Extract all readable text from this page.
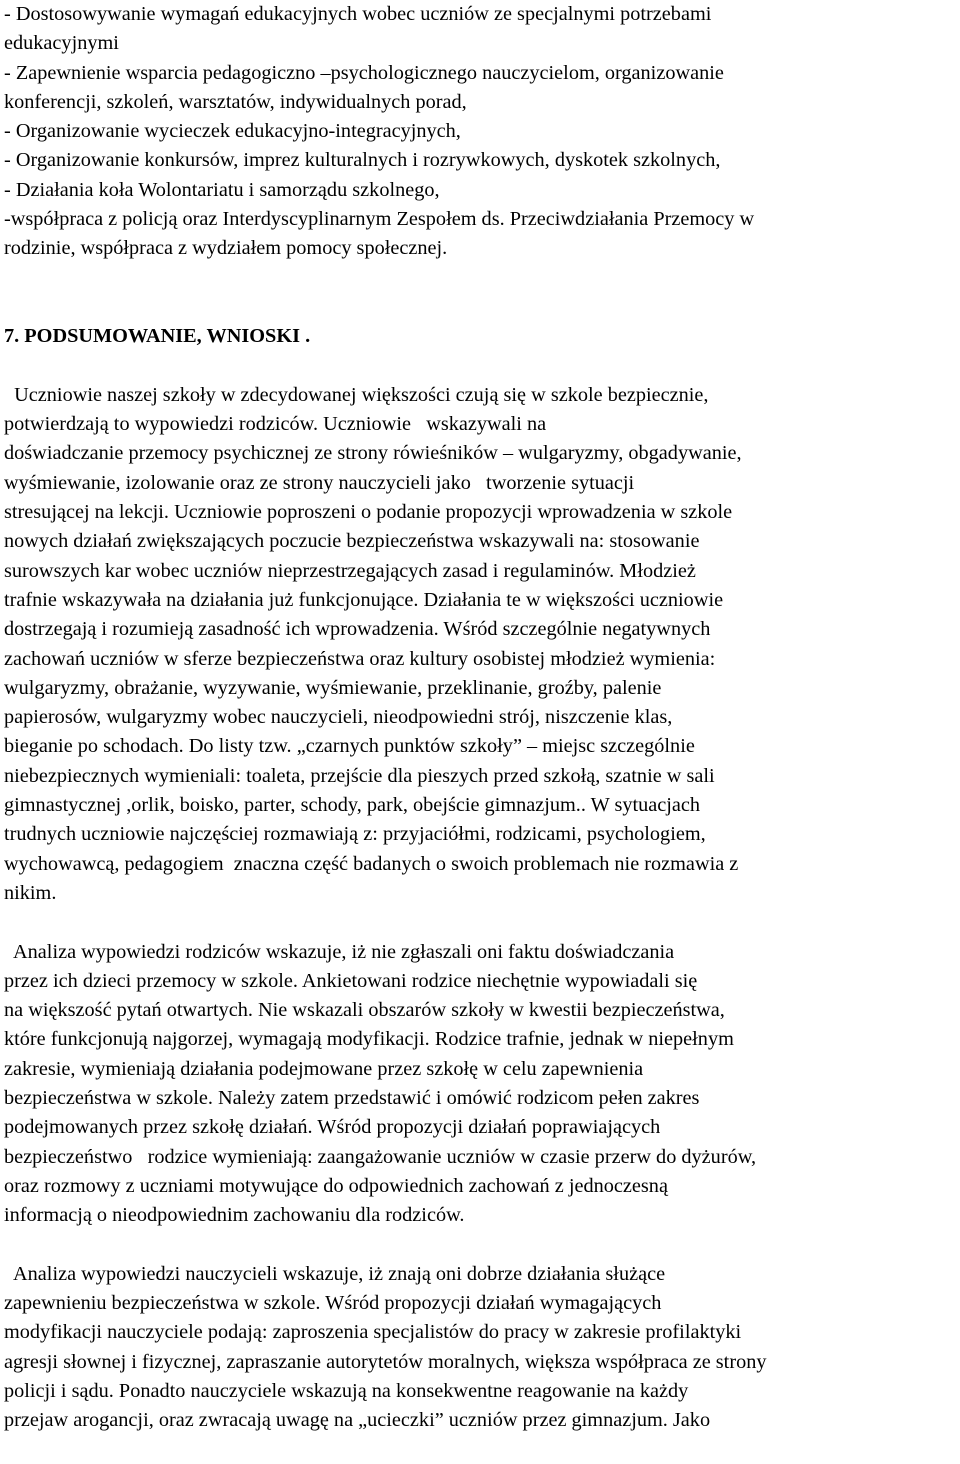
- Dostosowywanie wymagań edukacyjnych wobec uczniów ze specjalnymi potrzebami
edukacyjnymi
- Zapewnienie wsparcia pedagogiczno –psychologicznego nauczycielom, organizowanie
konferencji, szkoleń, warsztatów, indywidualnych porad,
- Organizowanie wycieczek edukacyjno-integracyjnych,
- Organizowanie konkursów, imprez kulturalnych i rozrywkowych, dyskotek szkolnych,
- Działania koła Wolontariatu i samorządu szkolnego,
-współpraca z policją oraz Interdyscyplinarnym Zespołem ds. Przeciwdziałania Przemocy w
rodzinie, współpraca z wydziałem pomocy społecznej.
7. PODSUMOWANIE, WNIOSKI .
Uczniowie naszej szkoły w zdecydowanej większości czują się w szkole bezpiecznie,
potwierdzają to wypowiedzi rodziców. Uczniowie   wskazywali na
doświadczanie przemocy psychicznej ze strony rówieśników – wulgaryzmy, obgadywanie,
wyśmiewanie, izolowanie oraz ze strony nauczycieli jako   tworzenie sytuacji
stresującej na lekcji. Uczniowie poproszeni o podanie propozycji wprowadzenia w szkole
nowych działań zwiększających poczucie bezpieczeństwa wskazywali na: stosowanie
surowszych kar wobec uczniów nieprzestrzegających zasad i regulaminów. Młodzież
trafnie wskazywała na działania już funkcjonujące. Działania te w większości uczniowie
dostrzegają i rozumieją zasadność ich wprowadzenia. Wśród szczególnie negatywnych
zachowań uczniów w sferze bezpieczeństwa oraz kultury osobistej młodzież wymienia:
wulgaryzmy, obrażanie, wyzywanie, wyśmiewanie, przeklinanie, groźby, palenie
papierosów, wulgaryzmy wobec nauczycieli, nieodpowiedni strój, niszczenie klas,
bieganie po schodach. Do listy tzw. „czarnych punktów szkoły” – miejsc szczególnie
niebezpiecznych wymieniali: toaleta, przejście dla pieszych przed szkołą, szatnie w sali
gimnastycznej ,orlik, boisko, parter, schody, park, obejście gimnazjum.. W sytuacjach
trudnych uczniowie najczęściej rozmawiają z: przyjaciółmi, rodzicami, psychologiem,
wychowawcą, pedagogiem  znaczna część badanych o swoich problemach nie rozmawia z
nikim.
Analiza wypowiedzi rodziców wskazuje, iż nie zgłaszali oni faktu doświadczania
przez ich dzieci przemocy w szkole. Ankietowani rodzice niechętnie wypowiadali się
na większość pytań otwartych. Nie wskazali obszarów szkoły w kwestii bezpieczeństwa,
które funkcjonują najgorzej, wymagają modyfikacji. Rodzice trafnie, jednak w niepełnym
zakresie, wymieniają działania podejmowane przez szkołę w celu zapewnienia
bezpieczeństwa w szkole. Należy zatem przedstawić i omówić rodzicom pełen zakres
podejmowanych przez szkołę działań. Wśród propozycji działań poprawiających
bezpieczeństwo   rodzice wymieniają: zaangażowanie uczniów w czasie przerw do dyżurów,
oraz rozmowy z uczniami motywujące do odpowiednich zachowań z jednoczesną
informacją o nieodpowiednim zachowaniu dla rodziców.
Analiza wypowiedzi nauczycieli wskazuje, iż znają oni dobrze działania służące
zapewnieniu bezpieczeństwa w szkole. Wśród propozycji działań wymagających
modyfikacji nauczyciele podają: zaproszenia specjalistów do pracy w zakresie profilaktyki
agresji słownej i fizycznej, zapraszanie autorytetów moralnych, większa współpraca ze strony
policji i sądu. Ponadto nauczyciele wskazują na konsekwentne reagowanie na każdy
przejaw arogancji, oraz zwracają uwagę na „ucieczki” uczniów przez gimnazjum. Jako
